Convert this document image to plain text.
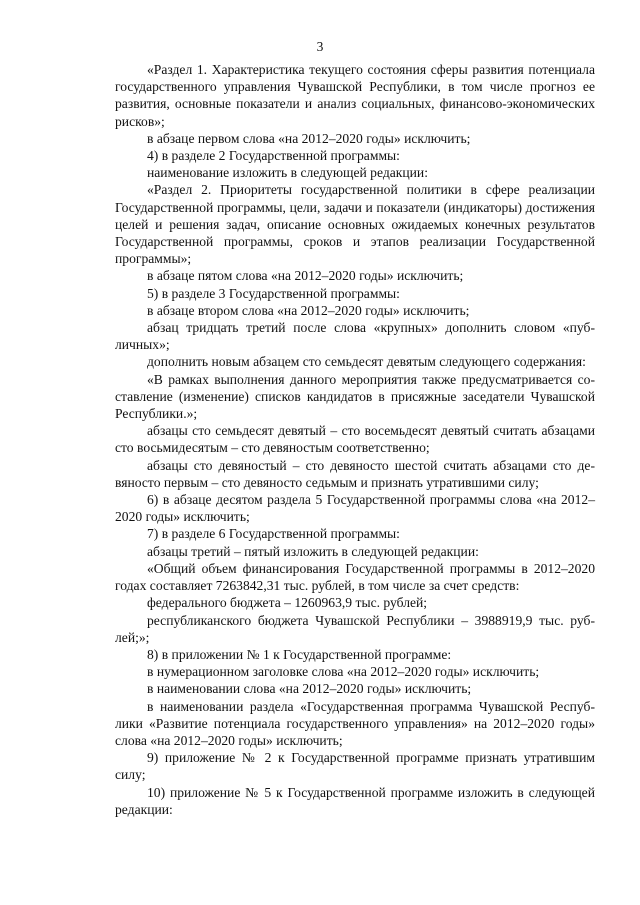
3

«Раздел 1. Характеристика текущего состояния сферы развития потенциала государственного управления Чувашской Республики, в том числе прогноз ее развития, основные показатели и анализ социальных, финансово-экономических рисков»;

в абзаце первом слова «на 2012–2020 годы» исключить;

4) в разделе 2 Государственной программы:

наименование изложить в следующей редакции:

«Раздел 2. Приоритеты государственной политики в сфере реализации Государственной программы, цели, задачи и показатели (индикаторы) достижения целей и решения задач, описание основных ожидаемых конечных результатов Государственной программы, сроков и этапов реализации Государственной программы»;

в абзаце пятом слова «на 2012–2020 годы» исключить;

5) в разделе 3 Государственной программы:

в абзаце втором слова «на 2012–2020 годы» исключить;

абзац тридцать третий после слова «крупных» дополнить словом «публичных»;

дополнить новым абзацем сто семьдесят девятым следующего содержания:

«В рамках выполнения данного мероприятия также предусматривается составление (изменение) списков кандидатов в присяжные заседатели Чувашской Республики.»;

абзацы сто семьдесят девятый – сто восемьдесят девятый считать абзацами сто восьмидесятым – сто девяностым соответственно;

абзацы сто девяностый – сто девяносто шестой считать абзацами сто девяносто первым – сто девяносто седьмым и признать утратившими силу;

6) в абзаце десятом раздела 5 Государственной программы слова «на 2012–2020 годы» исключить;

7) в разделе 6 Государственной программы:

абзацы третий – пятый изложить в следующей редакции:

«Общий объем финансирования Государственной программы в 2012–2020 годах составляет 7263842,31 тыс. рублей, в том числе за счет средств:

федерального бюджета – 1260963,9 тыс. рублей;

республиканского бюджета Чувашской Республики – 3988919,9 тыс. рублей;»;

8) в приложении № 1 к Государственной программе:

в нумерационном заголовке слова «на 2012–2020 годы» исключить;

в наименовании слова «на 2012–2020 годы» исключить;

в наименовании раздела «Государственная программа Чувашской Республики «Развитие потенциала государственного управления» на 2012–2020 годы» слова «на 2012–2020 годы» исключить;

9) приложение № 2 к Государственной программе признать утратившим силу;

10) приложение № 5 к Государственной программе изложить в следующей редакции:
